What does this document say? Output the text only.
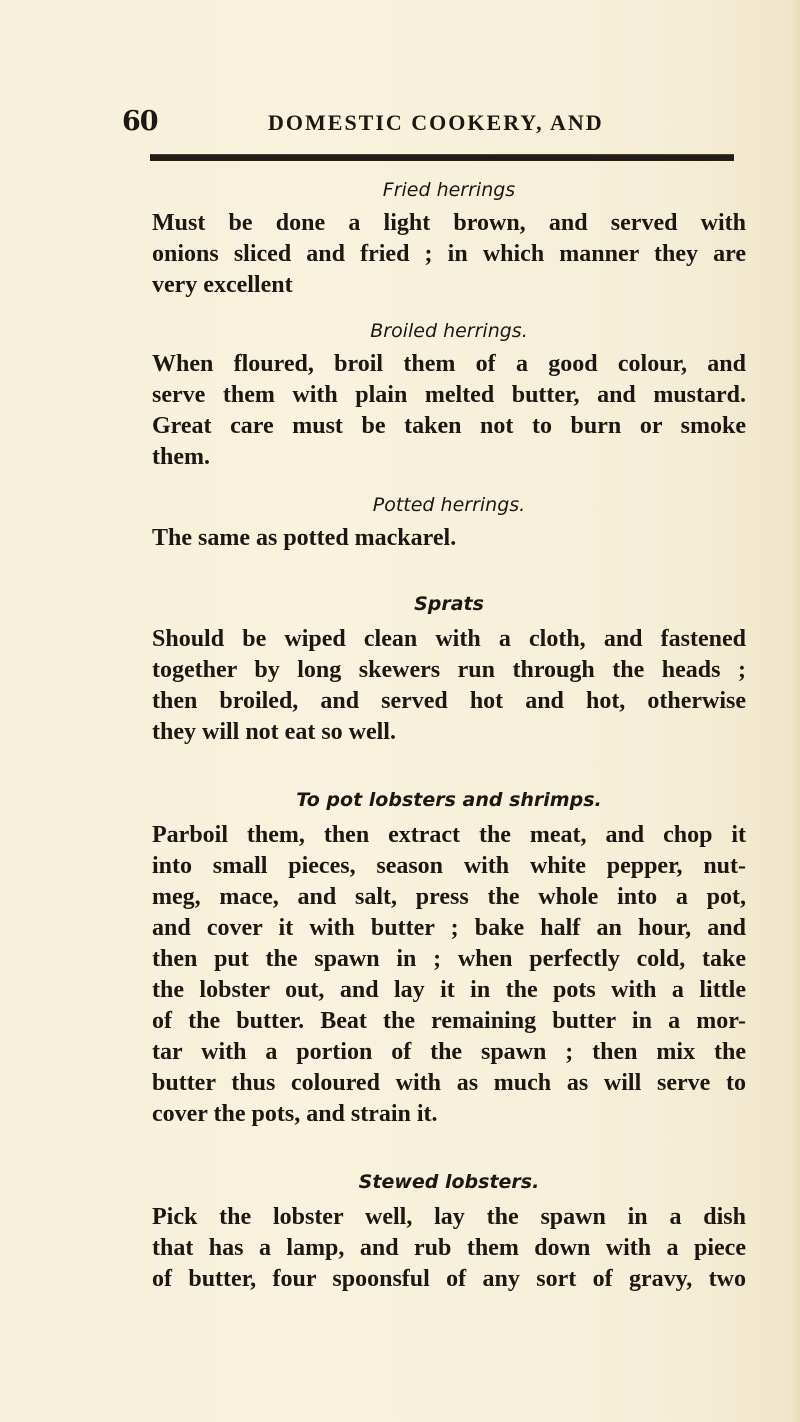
60	DOMESTIC COOKERY, AND
Fried herrings
Must be done a light brown, and served with
onions sliced and fried ; in which manner they are
very excellent
Broiled herrings.
When floured, broil them of a good colour, and
serve them with plain melted butter, and mustard.
Great care must be taken not to burn or smoke
them.
Potted herrings.
The same as potted mackarel.
Sprats
Should be wiped clean with a cloth, and fastened
together by long skewers run through the heads ;
then broiled, and served hot and hot, otherwise
they will not eat so well.
To pot lobsters and shrimps.
Parboil them, then extract the meat, and chop it
into small pieces, season with white pepper, nut-
meg, mace, and salt, press the whole into a pot,
and cover it with butter ; bake half an hour, and
then put the spawn in ; when perfectly cold, take
the lobster out, and lay it in the pots with a little
of the butter. Beat the remaining butter in a mor-
tar with a portion of the spawn ; then mix the
butter thus coloured with as much as will serve to
cover the pots, and strain it.
Stewed lobsters.
Pick the lobster well, lay the spawn in a dish
that has a lamp, and rub them down with a piece
of butter, four spoonsful of any sort of gravy, two
